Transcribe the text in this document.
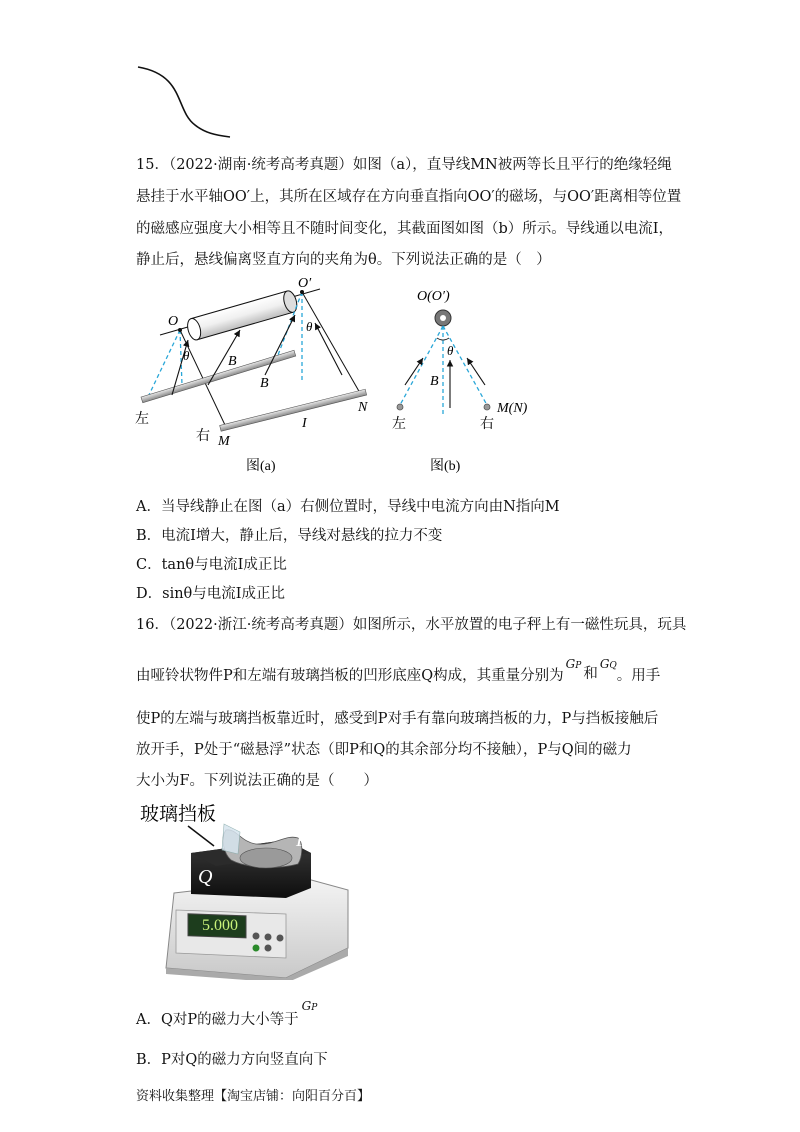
15．（2022·湖南·统考高考真题）如图（a），直导线MN被两等长且平行的绝缘轻绳
悬挂于水平轴OO′上，其所在区域存在方向垂直指向OO′的磁场，与OO′距离相等位置
的磁感应强度大小相等且不随时间变化，其截面图如图（b）所示。导线通以电流I，
静止后，悬线偏离竖直方向的夹角为θ。下列说法正确的是（　）
O
O′
θ
θ
B
B
左
右 M
I
N
图(a)
O(O′)
θ
B
M(N)
左	右
图(b)
A．当导线静止在图（a）右侧位置时，导线中电流方向由N指向M
B．电流I增大，静止后，导线对悬线的拉力不变
C．tanθ与电流I成正比
D．sinθ与电流I成正比
16．（2022·浙江·统考高考真题）如图所示，水平放置的电子秤上有一磁性玩具，玩具
由哑铃状物件P和左端有玻璃挡板的凹形底座Q构成，其重量分别为$^{GP}$ 和$^{GQ}$。用手
使P的左端与玻璃挡板靠近时，感受到P对手有靠向玻璃挡板的力，P与挡板接触后
放开手，P处于“磁悬浮”状态（即P和Q的其余部分均不接触），P与Q间的磁力
大小为F。下列说法正确的是（　　）
玻璃挡板
5.000
Q
P
A．Q对P的磁力大小等于$^{GP}$
B．P对Q的磁力方向竖直向下
资料收集整理【淘宝店铺：向阳百分百】
